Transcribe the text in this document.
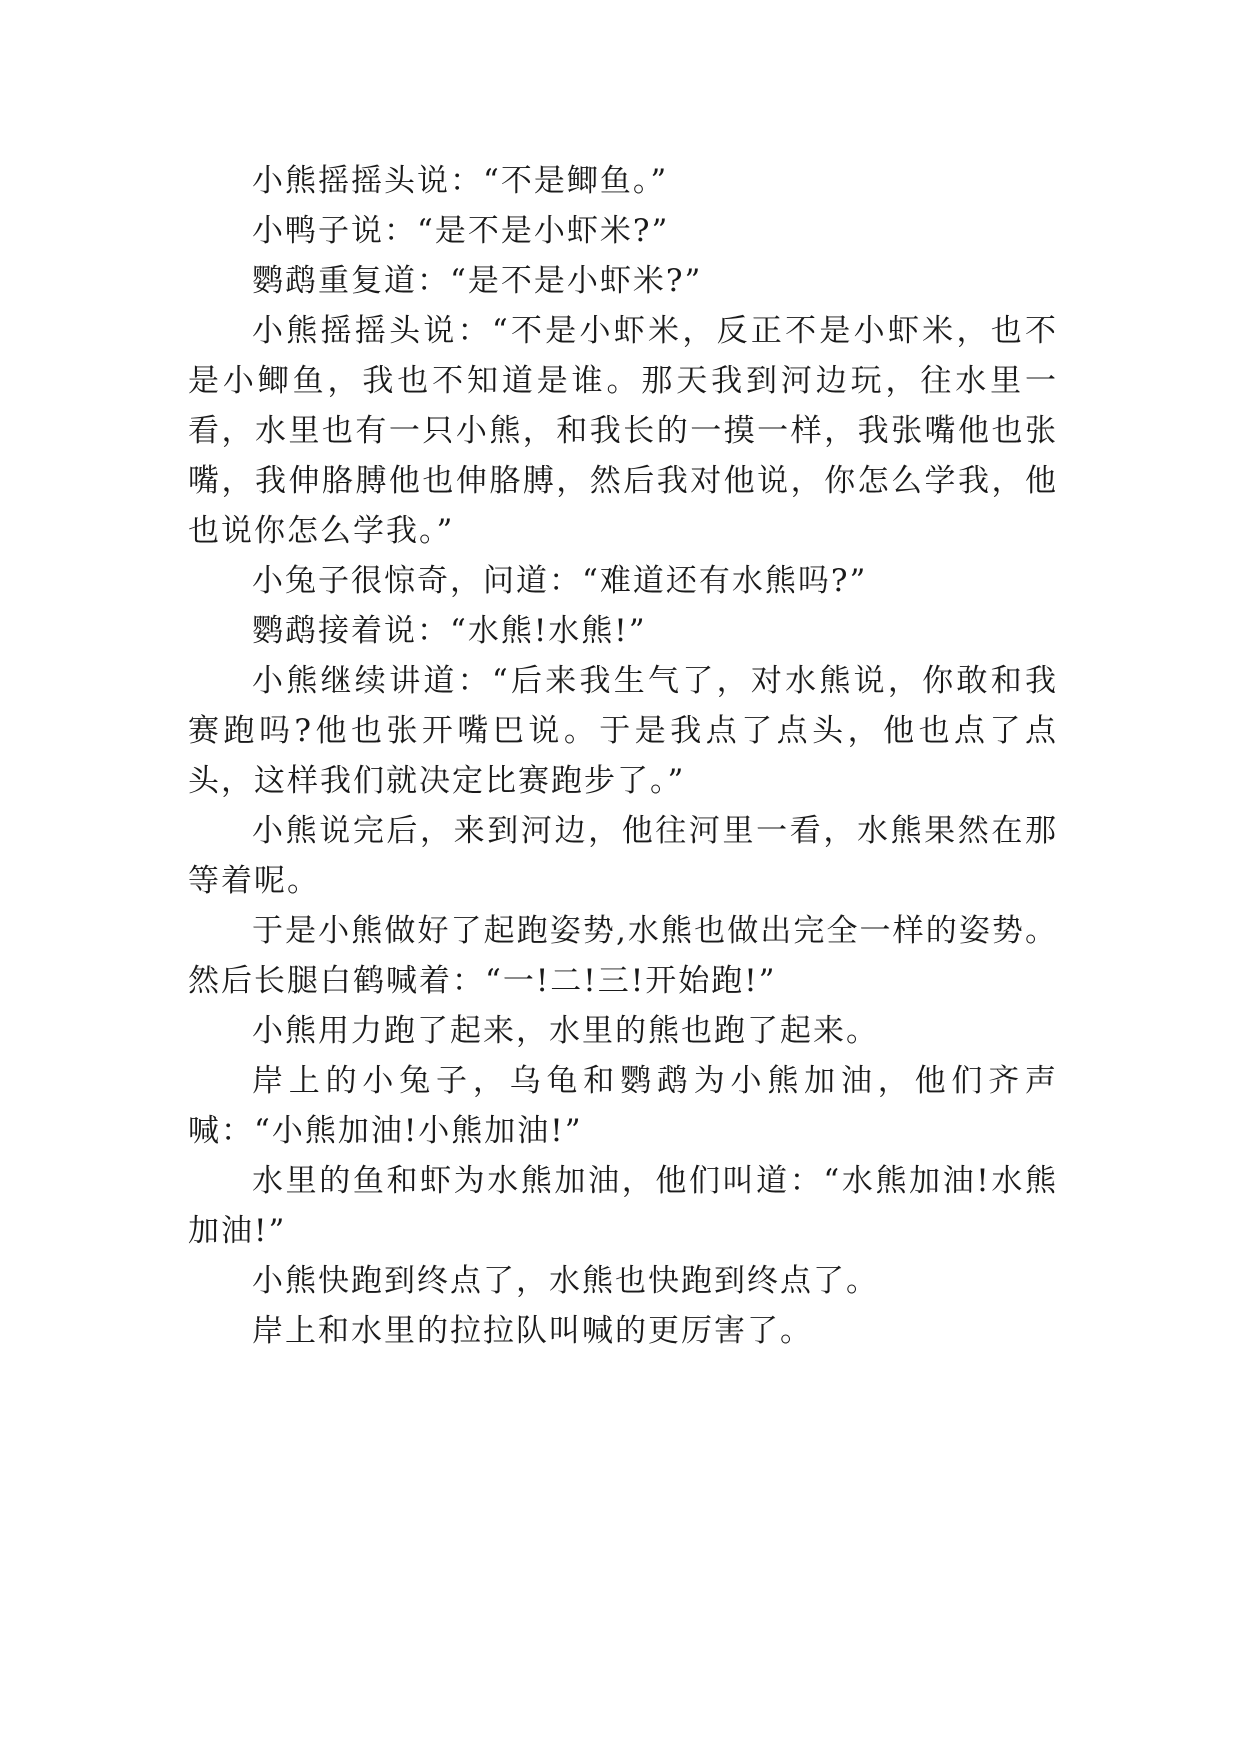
小熊摇摇头说：“不是鲫鱼。”

小鸭子说：“是不是小虾米?”

鹦鹉重复道：“是不是小虾米?”

小熊摇摇头说：“不是小虾米，反正不是小虾米，也不是小鲫鱼，我也不知道是谁。那天我到河边玩，往水里一看，水里也有一只小熊，和我长的一摸一样，我张嘴他也张嘴，我伸胳膊他也伸胳膊，然后我对他说，你怎么学我，他也说你怎么学我。”

小兔子很惊奇，问道：“难道还有水熊吗?”

鹦鹉接着说：“水熊!水熊!”

小熊继续讲道：“后来我生气了，对水熊说，你敢和我赛跑吗?他也张开嘴巴说。于是我点了点头，他也点了点头，这样我们就决定比赛跑步了。”

小熊说完后，来到河边，他往河里一看，水熊果然在那等着呢。

于是小熊做好了起跑姿势,水熊也做出完全一样的姿势。然后长腿白鹤喊着：“一!二!三!开始跑!”

小熊用力跑了起来，水里的熊也跑了起来。

岸上的小兔子，乌龟和鹦鹉为小熊加油，他们齐声喊：“小熊加油!小熊加油!”

水里的鱼和虾为水熊加油，他们叫道：“水熊加油!水熊加油!”

小熊快跑到终点了，水熊也快跑到终点了。

岸上和水里的拉拉队叫喊的更厉害了。
